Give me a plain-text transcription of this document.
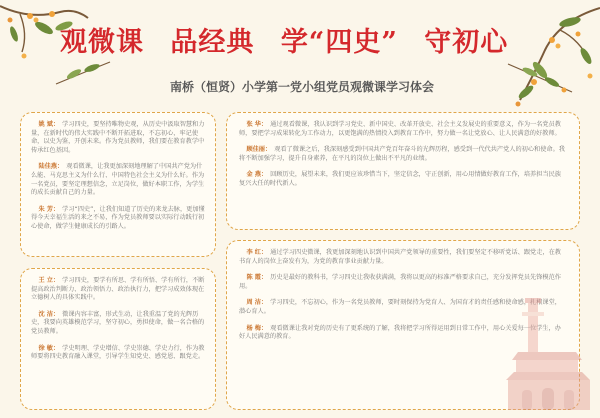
观微课 品经典 学“四史” 守初心
南桥（恒贤）小学第一党小组党员观微课学习体会

姚 斌： 学习四史，要坚持唯物史观，从历史中汲取智慧和力量，在新时代的伟大实践中不断开拓进取，不忘初心，牢记使命，以史为鉴，开创未来。作为党员教师，我们要在教育教学中传承红色基因。

陆佳燕： 观看微课，让我更加深刻地理解了中国共产党为什么能、马克思主义为什么行、中国特色社会主义为什么好。作为一名党员，要坚定理想信念，立足岗位，做好本职工作，为学生的成长贡献自己的力量。

朱 芳： 学习“四史”，让我们知道了历史的来龙去脉，更加懂得今天幸福生活的来之不易，作为党员教师要以实际行动践行初心使命，做学生健康成长的引路人。

张 华： 通过观看微课，我认识到学习党史、新中国史、改革开放史、社会主义发展史的重要意义，作为一名党员教师，要把学习成果转化为工作动力，以更饱满的热情投入到教育工作中，努力做一名让党放心、让人民满意的好教师。

顾佳丽： 观看了微课之后，我深刻感受到中国共产党百年奋斗的光辉历程，感受到一代代共产党人的初心和使命。我将不断加强学习，提升自身素养，在平凡的岗位上做出不平凡的业绩。

金 燕： 回顾历史，展望未来，我们更应该珍惜当下，坚定信念，守正创新，用心用情做好教育工作，培养担当民族复兴大任的时代新人。

王 立： 学习四史，要学有所思、学有所悟、学有所行，不断提高政治判断力、政治领悟力、政治执行力，把学习成效体现在立德树人的具体实践中。

沈 洁： 微课内容丰富，形式生动，让我重温了党的光辉历史，我要向英雄模范学习，坚守初心，勇担使命，做一名合格的党员教师。

徐 敏： 学史明理、学史增信、学史崇德、学史力行，作为教师要将四史教育融入课堂，引导学生知党史、感党恩、跟党走。

李 红： 通过学习四史微课，我更加深刻地认识到中国共产党领导的重要性，我们要坚定不移听党话、跟党走，在教书育人的岗位上奋发有为，为党的教育事业贡献力量。

陈 霞： 历史是最好的教科书，学习四史让我收获满满，我将以更高的标准严格要求自己，充分发挥党员先锋模范作用。

周 洁： 学习四史，不忘初心，作为一名党员教师，要时刻保持为党育人、为国育才的责任感和使命感，扎根课堂，潜心育人。

杨 梅： 观看微课让我对党的历史有了更系统的了解，我将把学习所得运用到日常工作中，用心关爱每一位学生，办好人民满意的教育。
